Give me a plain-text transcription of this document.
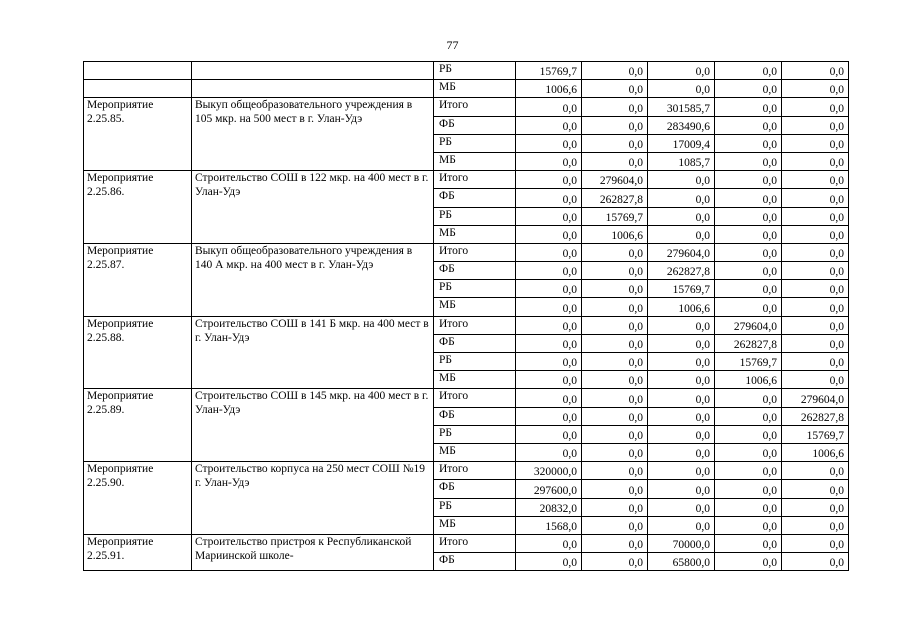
77
		РБ	15769,7	0,0	0,0	0,0	0,0
		МБ	1006,6	0,0	0,0	0,0	0,0
Мероприятие 2.25.85.	Выкуп общеобразовательного учреждения в 105 мкр. на 500 мест в г. Улан-Удэ	Итого	0,0	0,0	301585,7	0,0	0,0
		ФБ	0,0	0,0	283490,6	0,0	0,0
		РБ	0,0	0,0	17009,4	0,0	0,0
		МБ	0,0	0,0	1085,7	0,0	0,0
Мероприятие 2.25.86.	Строительство СОШ в 122 мкр. на 400 мест в г. Улан-Удэ	Итого	0,0	279604,0	0,0	0,0	0,0
		ФБ	0,0	262827,8	0,0	0,0	0,0
		РБ	0,0	15769,7	0,0	0,0	0,0
		МБ	0,0	1006,6	0,0	0,0	0,0
Мероприятие 2.25.87.	Выкуп общеобразовательного учреждения в 140 А мкр. на 400 мест в г. Улан-Удэ	Итого	0,0	0,0	279604,0	0,0	0,0
		ФБ	0,0	0,0	262827,8	0,0	0,0
		РБ	0,0	0,0	15769,7	0,0	0,0
		МБ	0,0	0,0	1006,6	0,0	0,0
Мероприятие 2.25.88.	Строительство СОШ в 141 Б мкр. на 400 мест в г. Улан-Удэ	Итого	0,0	0,0	0,0	279604,0	0,0
		ФБ	0,0	0,0	0,0	262827,8	0,0
		РБ	0,0	0,0	0,0	15769,7	0,0
		МБ	0,0	0,0	0,0	1006,6	0,0
Мероприятие 2.25.89.	Строительство СОШ в 145 мкр. на 400 мест в г. Улан-Удэ	Итого	0,0	0,0	0,0	0,0	279604,0
		ФБ	0,0	0,0	0,0	0,0	262827,8
		РБ	0,0	0,0	0,0	0,0	15769,7
		МБ	0,0	0,0	0,0	0,0	1006,6
Мероприятие 2.25.90.	Строительство корпуса на 250 мест СОШ №19 г. Улан-Удэ	Итого	320000,0	0,0	0,0	0,0	0,0
		ФБ	297600,0	0,0	0,0	0,0	0,0
		РБ	20832,0	0,0	0,0	0,0	0,0
		МБ	1568,0	0,0	0,0	0,0	0,0
Мероприятие 2.25.91.	Строительство пристроя к Республиканской Мариинской школе-	Итого	0,0	0,0	70000,0	0,0	0,0
		ФБ	0,0	0,0	65800,0	0,0	0,0
